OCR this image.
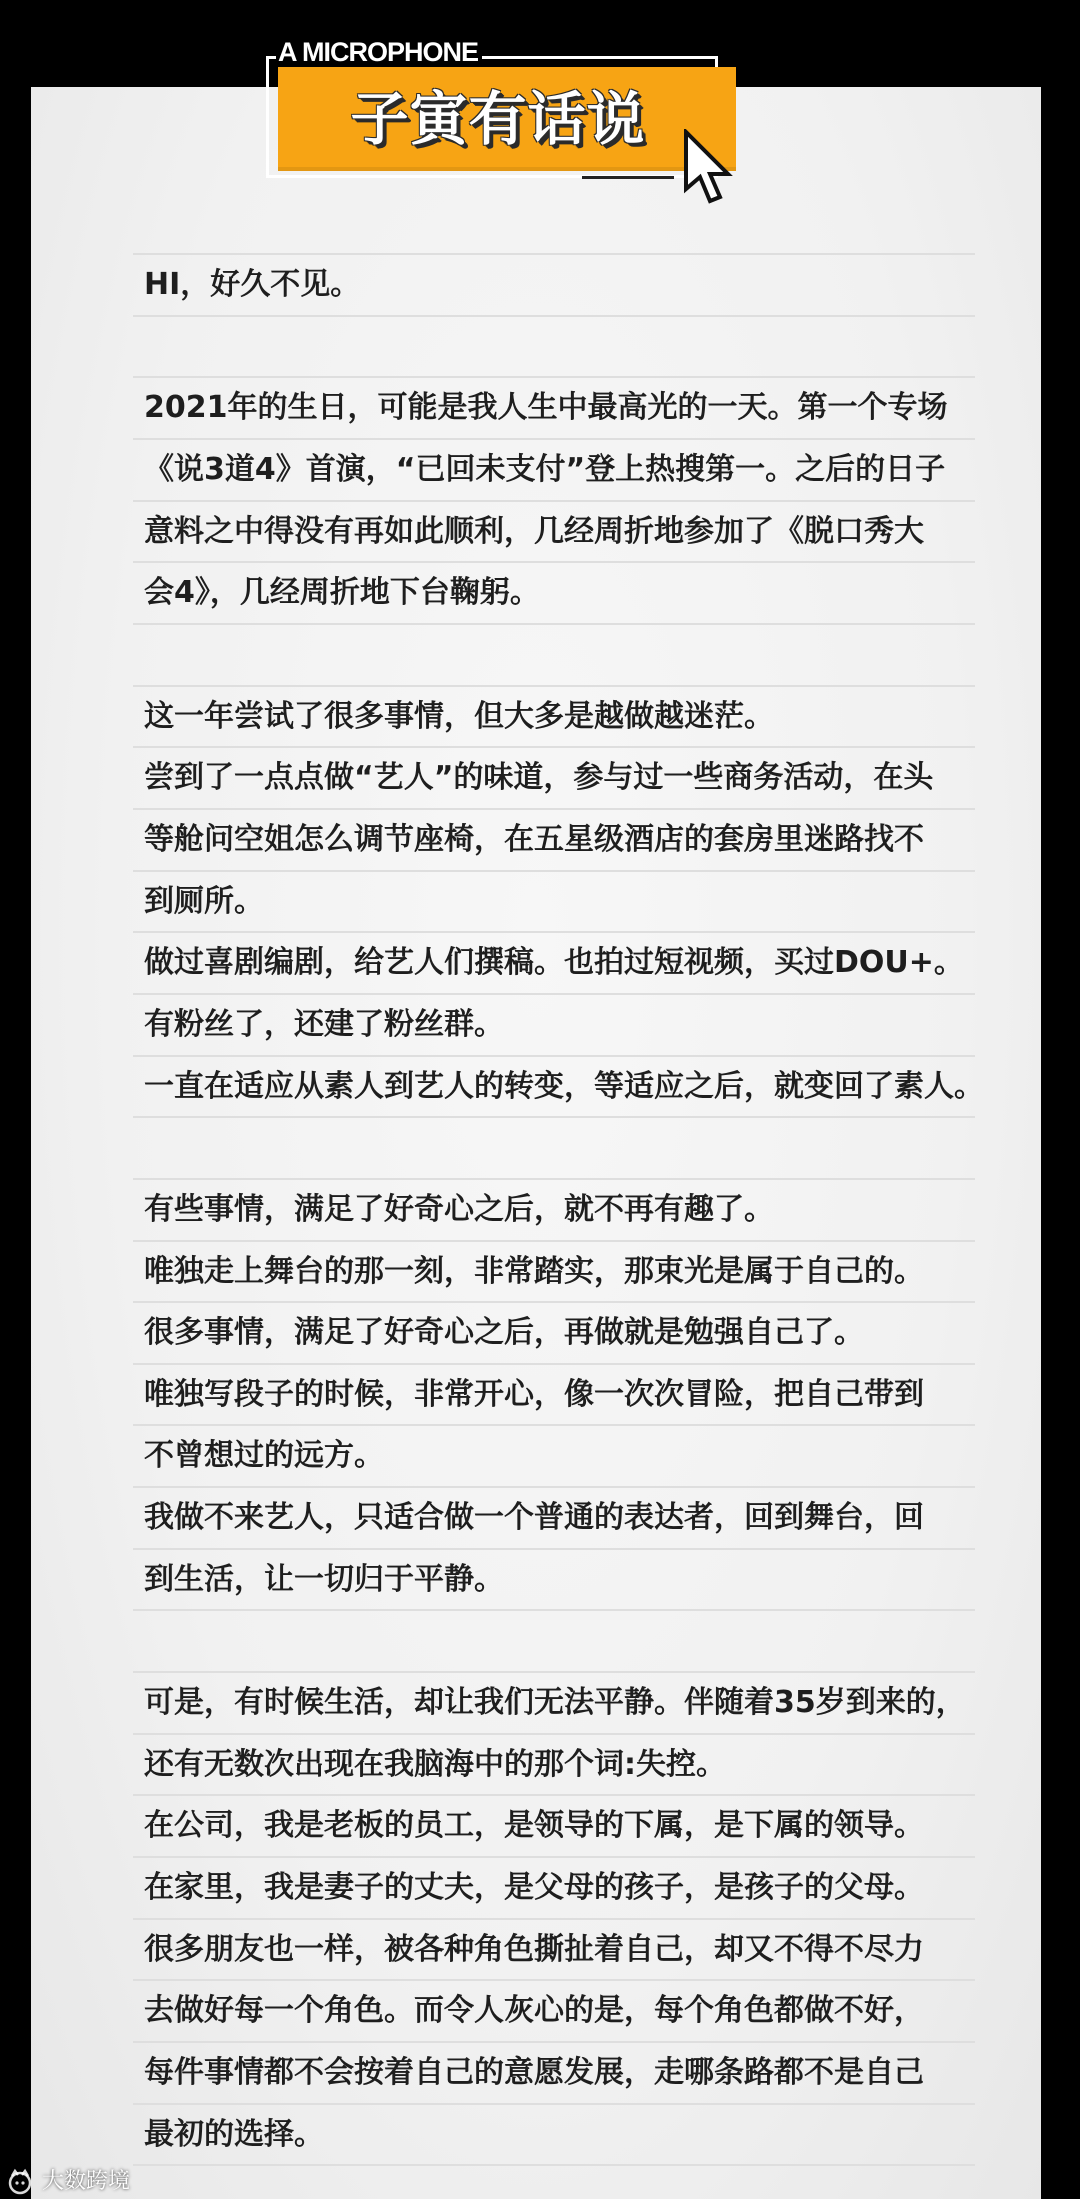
HI，好久不见。
2021年的生日，可能是我人生中最高光的一天。第一个专场
《说3道4》首演，“已回未支付”登上热搜第一。之后的日子
意料之中得没有再如此顺利，几经周折地参加了《脱口秀大
会4》，几经周折地下台鞠躬。
这一年尝试了很多事情，但大多是越做越迷茫。
尝到了一点点做“艺人”的味道，参与过一些商务活动，在头
等舱问空姐怎么调节座椅，在五星级酒店的套房里迷路找不
到厕所。
做过喜剧编剧，给艺人们撰稿。也拍过短视频，买过DOU+。
有粉丝了，还建了粉丝群。
一直在适应从素人到艺人的转变，等适应之后，就变回了素人。
有些事情，满足了好奇心之后，就不再有趣了。
唯独走上舞台的那一刻，非常踏实，那束光是属于自己的。
很多事情，满足了好奇心之后，再做就是勉强自己了。
唯独写段子的时候，非常开心，像一次次冒险，把自己带到
不曾想过的远方。
我做不来艺人，只适合做一个普通的表达者，回到舞台，回
到生活，让一切归于平静。
可是，有时候生活，却让我们无法平静。伴随着35岁到来的，
还有无数次出现在我脑海中的那个词:失控。
在公司，我是老板的员工，是领导的下属，是下属的领导。
在家里，我是妻子的丈夫，是父母的孩子，是孩子的父母。
很多朋友也一样，被各种角色撕扯着自己，却又不得不尽力
去做好每一个角色。而令人灰心的是，每个角色都做不好，
每件事情都不会按着自己的意愿发展，走哪条路都不是自己
最初的选择。
A MICROPHONE
子寅有话说
大数跨境
